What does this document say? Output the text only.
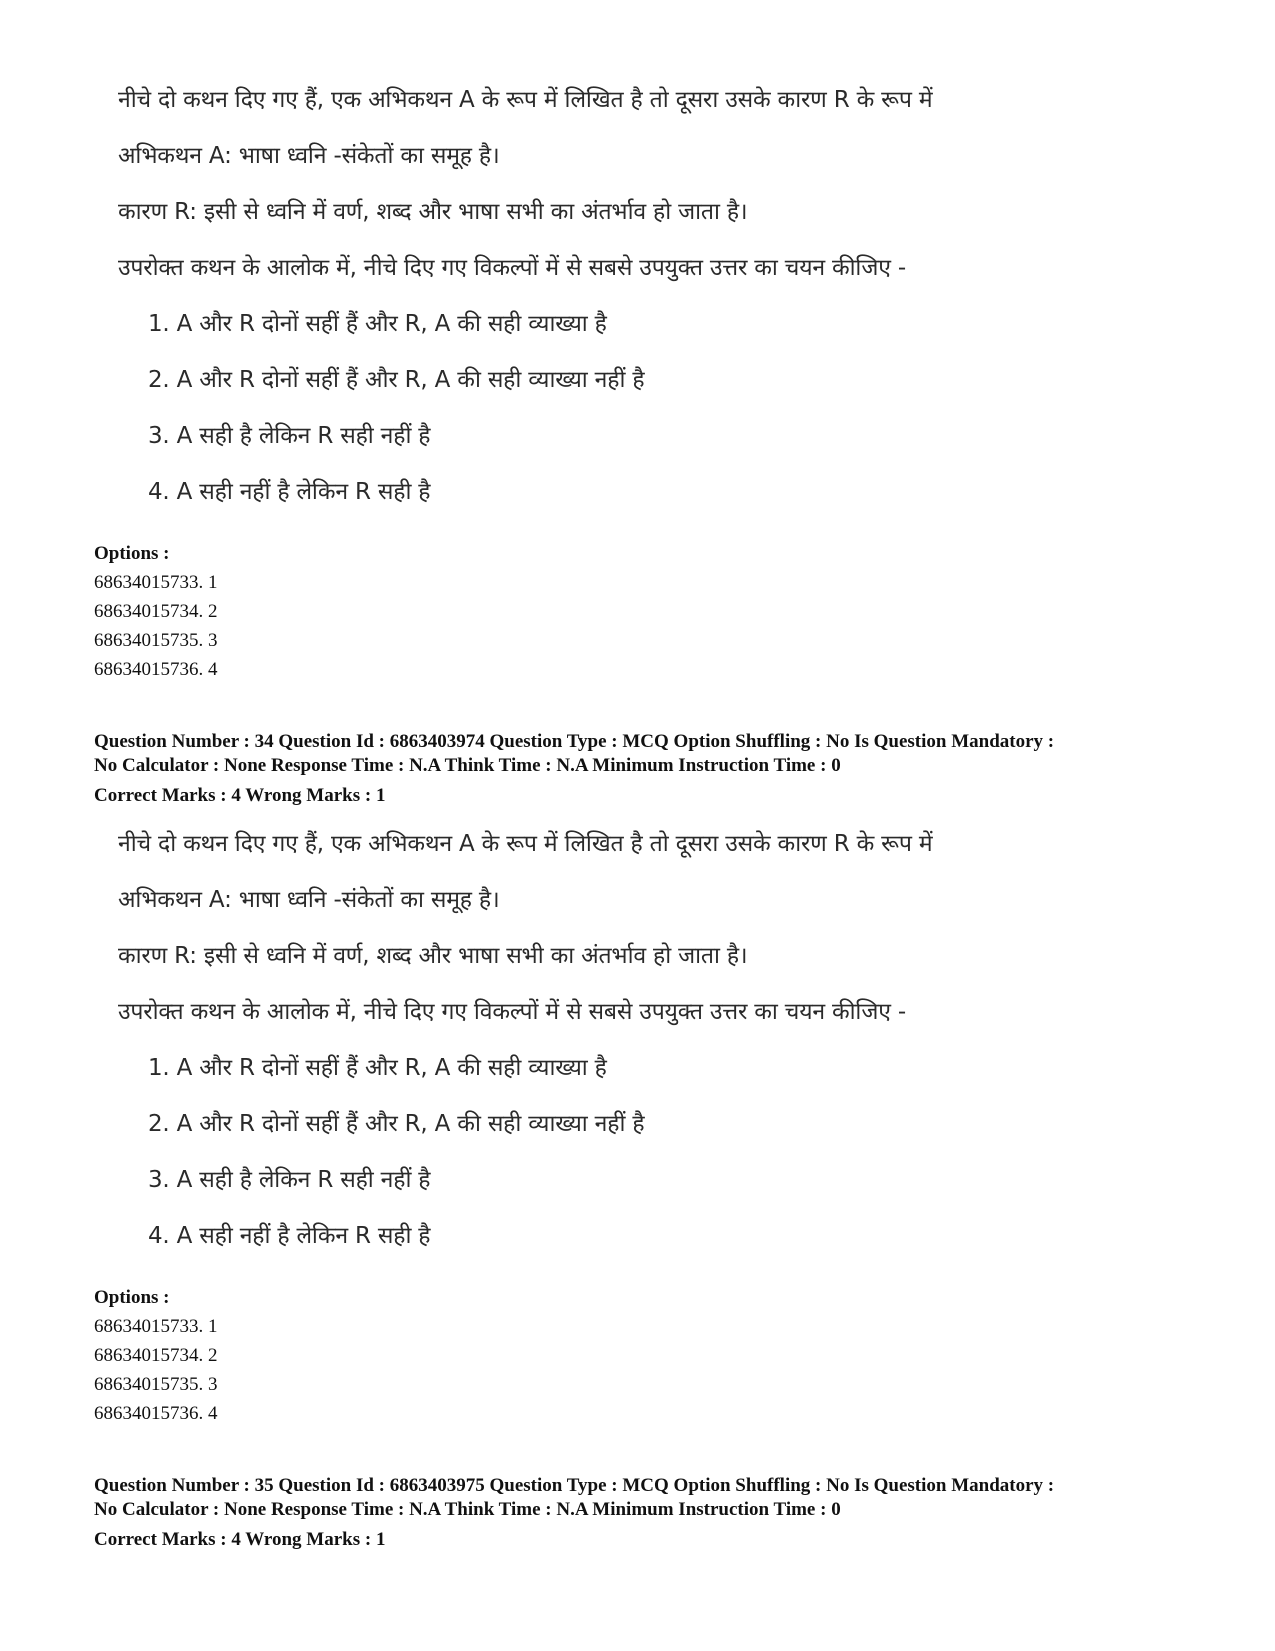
नीचे दो कथन दिए गए हैं, एक अभिकथन A के रूप में लिखित है तो दूसरा उसके कारण R के रूप में
अभिकथन A: भाषा ध्वनि -संकेतों का समूह है।
कारण R: इसी से ध्वनि में वर्ण, शब्द और भाषा सभी का अंतर्भाव हो जाता है।
उपरोक्त कथन के आलोक में, नीचे दिए गए विकल्पों में से सबसे उपयुक्त उत्तर का चयन कीजिए -
1. A और R दोनों सहीं हैं और R, A की सही व्याख्या है
2. A और R दोनों सहीं हैं और R, A की सही व्याख्या नहीं है
3. A सही है लेकिन R सही नहीं है
4. A सही नहीं है लेकिन R सही है
Options :
68634015733. 1
68634015734. 2
68634015735. 3
68634015736. 4
Question Number : 34 Question Id : 6863403974 Question Type : MCQ Option Shuffling : No Is Question Mandatory :
No Calculator : None Response Time : N.A Think Time : N.A Minimum Instruction Time : 0
Correct Marks : 4 Wrong Marks : 1
नीचे दो कथन दिए गए हैं, एक अभिकथन A के रूप में लिखित है तो दूसरा उसके कारण R के रूप में
अभिकथन A: भाषा ध्वनि -संकेतों का समूह है।
कारण R: इसी से ध्वनि में वर्ण, शब्द और भाषा सभी का अंतर्भाव हो जाता है।
उपरोक्त कथन के आलोक में, नीचे दिए गए विकल्पों में से सबसे उपयुक्त उत्तर का चयन कीजिए -
1. A और R दोनों सहीं हैं और R, A की सही व्याख्या है
2. A और R दोनों सहीं हैं और R, A की सही व्याख्या नहीं है
3. A सही है लेकिन R सही नहीं है
4. A सही नहीं है लेकिन R सही है
Options :
68634015733. 1
68634015734. 2
68634015735. 3
68634015736. 4
Question Number : 35 Question Id : 6863403975 Question Type : MCQ Option Shuffling : No Is Question Mandatory :
No Calculator : None Response Time : N.A Think Time : N.A Minimum Instruction Time : 0
Correct Marks : 4 Wrong Marks : 1
